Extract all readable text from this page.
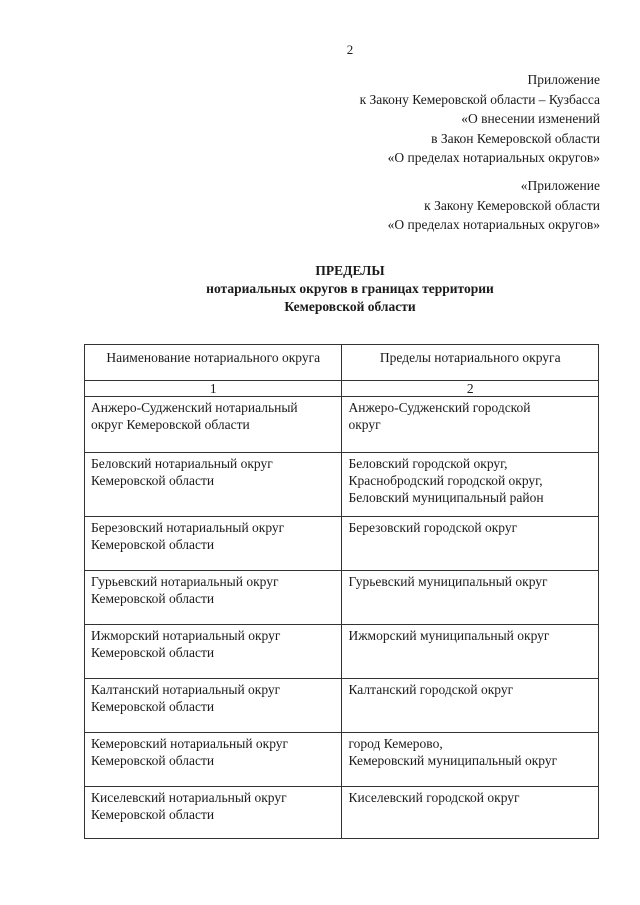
2
Приложение
к Закону Кемеровской области – Кузбасса
«О внесении изменений
в Закон Кемеровской области
«О пределах нотариальных округов»
«Приложение
к Закону Кемеровской области
«О пределах нотариальных округов»
ПРЕДЕЛЫ
нотариальных округов в границах территории
Кемеровской области
Наименование нотариального округа	Пределы нотариального округа
1	2

Анжеро-Судженский нотариальный
округ Кемеровской области	Анжеро-Судженский городской
округ

Беловский нотариальный округ
Кемеровской области	Беловский городской округ,
Краснобродский городской округ,
Беловский муниципальный район

Березовский нотариальный округ
Кемеровской области	Березовский городской округ

Гурьевский нотариальный округ
Кемеровской области	Гурьевский муниципальный округ

Ижморский нотариальный округ
Кемеровской области	Ижморский муниципальный округ

Калтанский нотариальный округ
Кемеровской области	Калтанский городской округ

Кемеровский нотариальный округ
Кемеровской области	город Кемерово,
Кемеровский муниципальный округ

Киселевский нотариальный округ
Кемеровской области	Киселевский городской округ
